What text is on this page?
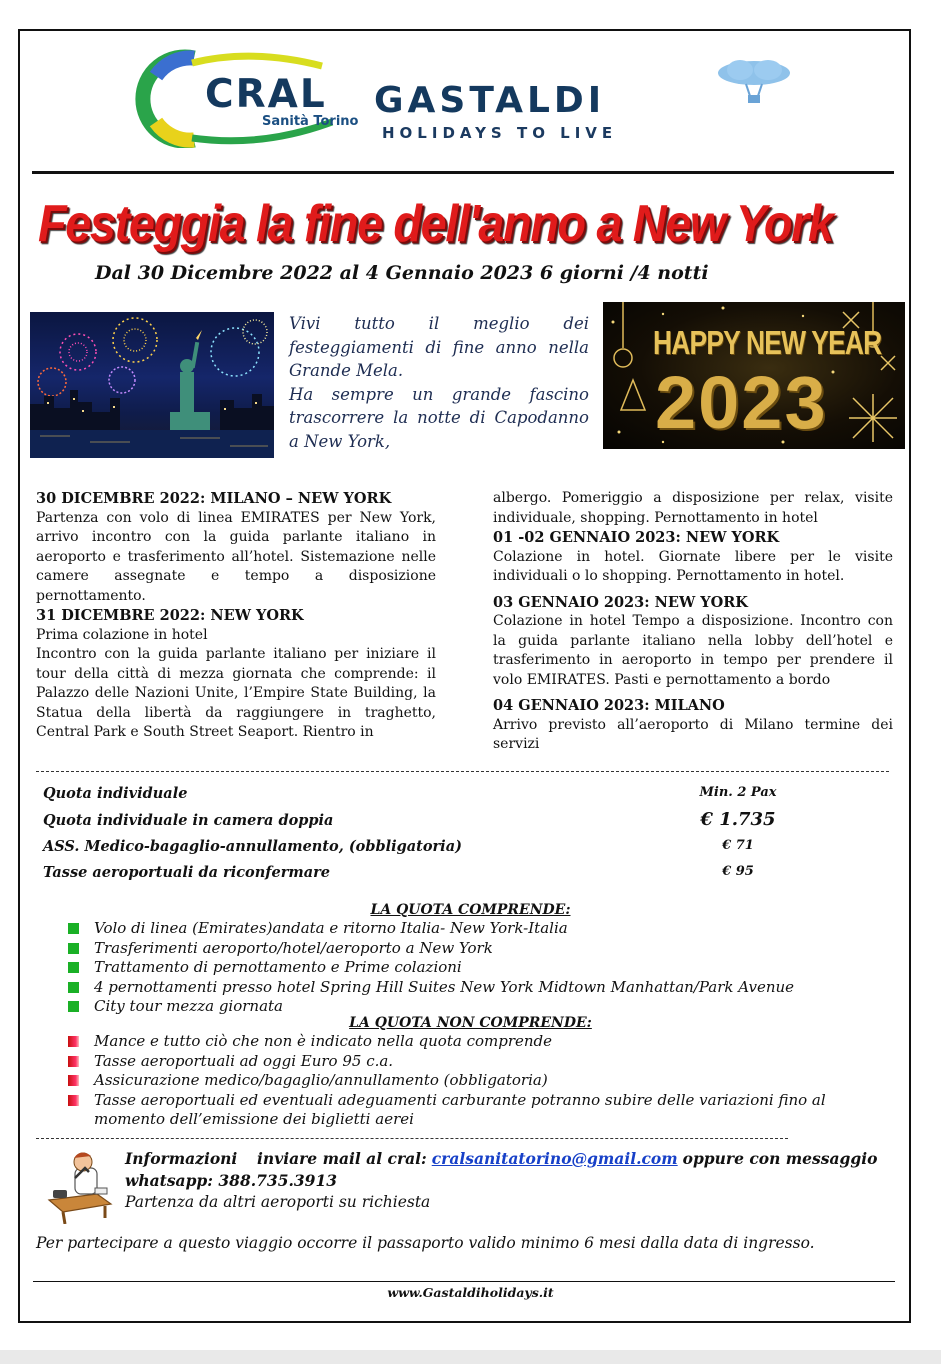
CRAL
Sanità Torino
GASTALDI
HOLIDAYS TO LIVE
Festeggia la fine dell'anno a New York
Dal 30 Dicembre 2022 al 4 Gennaio 2023 6 giorni /4 notti
Vivi tutto il meglio dei festeggiamenti di fine anno nella Grande Mela.
Ha sempre un grande fascino trascorrere la notte di Capodanno a New York,
HAPPY NEW YEAR
2023
30 DICEMBRE 2022: MILANO – NEW YORK
Partenza con volo di linea EMIRATES per New York, arrivo incontro con la guida parlante italiano in aeroporto e trasferimento all’hotel. Sistemazione nelle camere assegnate e tempo a disposizione pernottamento.
31 DICEMBRE 2022: NEW YORK
Prima colazione in hotel
Incontro con la guida parlante italiano per iniziare il tour della città di mezza giornata che comprende: il Palazzo delle Nazioni Unite, l’Empire State Building, la Statua della libertà da raggiungere in traghetto, Central Park e South Street Seaport. Rientro in
albergo. Pomeriggio a disposizione per relax, visite individuale, shopping. Pernottamento in hotel
01 -02 GENNAIO 2023: NEW YORK
Colazione in hotel. Giornate libere per le visite individuali o lo shopping. Pernottamento in hotel.
03 GENNAIO 2023: NEW YORK
Colazione in hotel Tempo a disposizione. Incontro con la guida parlante italiano nella lobby dell’hotel e trasferimento in aeroporto in tempo per prendere il volo EMIRATES. Pasti e pernottamento a bordo
04 GENNAIO 2023: MILANO
Arrivo previsto all’aeroporto di Milano termine dei servizi
Quota individuale	Min. 2 Pax
Quota individuale in camera doppia	€ 1.735
ASS. Medico-bagaglio-annullamento, (obbligatoria)	€ 71
Tasse aeroportuali da riconfermare	€ 95
LA QUOTA COMPRENDE:
Volo di linea (Emirates)andata e ritorno Italia- New York-Italia
Trasferimenti aeroporto/hotel/aeroporto a New York
Trattamento di pernottamento e Prime colazioni
4 pernottamenti presso hotel Spring Hill Suites New York Midtown Manhattan/Park Avenue
City tour mezza giornata
LA QUOTA NON COMPRENDE:
Mance e tutto ciò che non è indicato nella quota comprende
Tasse aeroportuali ad oggi Euro 95 c.a.
Assicurazione medico/bagaglio/annullamento (obbligatoria)
Tasse aeroportuali ed eventuali adeguamenti carburante potranno subire delle variazioni fino al momento dell’emissione dei biglietti aerei
Informazioni inviare mail al cral: cralsanitatorino@gmail.com oppure con messaggio
whatsapp: 388.735.3913
Partenza da altri aeroporti su richiesta
Per partecipare a questo viaggio occorre il passaporto valido minimo 6 mesi dalla data di ingresso.
www.Gastaldiholidays.it
